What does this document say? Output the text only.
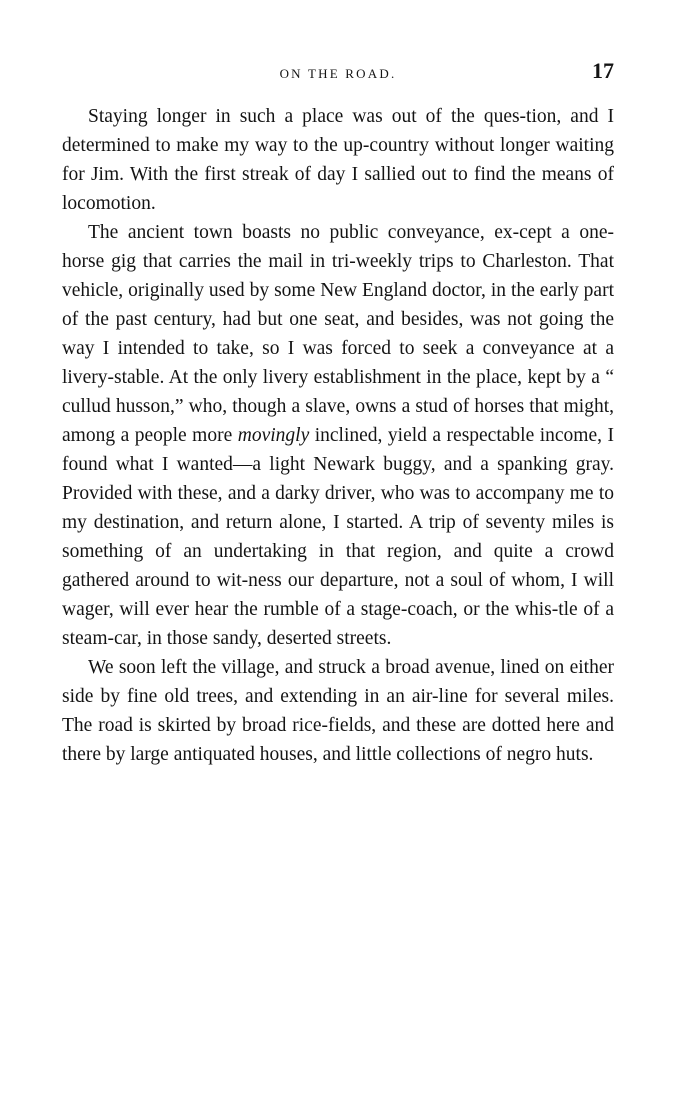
ON THE ROAD.	17

Staying longer in such a place was out of the ques-tion, and I determined to make my way to the up-country without longer waiting for Jim. With the first streak of day I sallied out to find the means of locomotion.

The ancient town boasts no public conveyance, ex-cept a one-horse gig that carries the mail in tri-weekly trips to Charleston. That vehicle, originally used by some New England doctor, in the early part of the past century, had but one seat, and besides, was not going the way I intended to take, so I was forced to seek a conveyance at a livery-stable. At the only livery establishment in the place, kept by a “ cullud husson,” who, though a slave, owns a stud of horses that might, among a people more movingly inclined, yield a respectable income, I found what I wanted—a light Newark buggy, and a spanking gray. Provided with these, and a darky driver, who was to accompany me to my destination, and return alone, I started. A trip of seventy miles is something of an undertaking in that region, and quite a crowd gathered around to wit-ness our departure, not a soul of whom, I will wager, will ever hear the rumble of a stage-coach, or the whis-tle of a steam-car, in those sandy, deserted streets.

We soon left the village, and struck a broad avenue, lined on either side by fine old trees, and extending in an air-line for several miles. The road is skirted by broad rice-fields, and these are dotted here and there by large antiquated houses, and little collections of negro huts.
